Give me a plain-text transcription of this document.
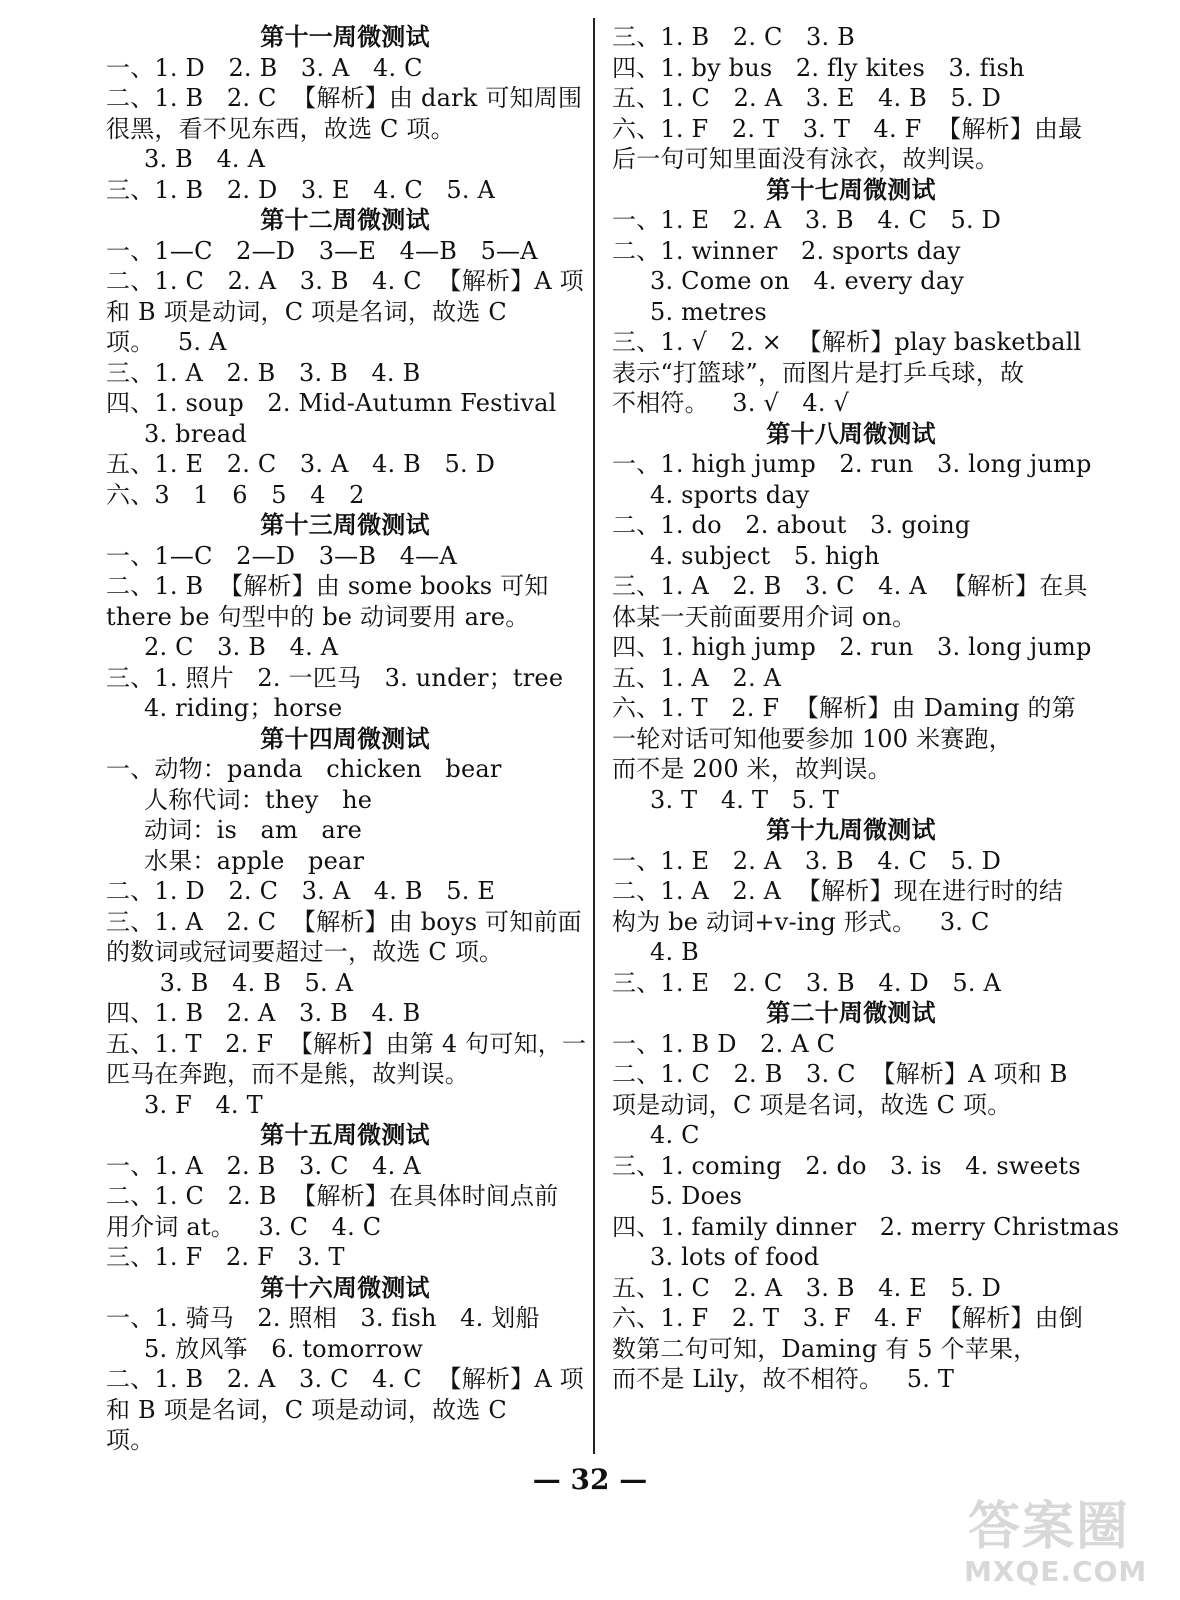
第十一周微测试
一、1. D   2. B   3. A   4. C
二、1. B   2. C  【解析】由 dark 可知周围
很黑，看不见东西，故选 C 项。
3. B   4. A
三、1. B   2. D   3. E   4. C   5. A
第十二周微测试
一、1—C   2—D   3—E   4—B   5—A
二、1. C   2. A   3. B   4. C  【解析】A 项
和 B 项是动词，C 项是名词，故选 C
项。   5. A
三、1. A   2. B   3. B   4. B
四、1. soup   2. Mid-Autumn Festival
3. bread
五、1. E   2. C   3. A   4. B   5. D
六、3   1   6   5   4   2
第十三周微测试
一、1—C   2—D   3—B   4—A
二、1. B  【解析】由 some books 可知
there be 句型中的 be 动词要用 are。
2. C   3. B   4. A
三、1. 照片   2. 一匹马   3. under；tree
4. riding；horse
第十四周微测试
一、动物：panda   chicken   bear
人称代词：they   he
动词：is   am   are
水果：apple   pear
二、1. D   2. C   3. A   4. B   5. E
三、1. A   2. C  【解析】由 boys 可知前面
的数词或冠词要超过一，故选 C 项。
3. B   4. B   5. A
四、1. B   2. A   3. B   4. B
五、1. T   2. F  【解析】由第 4 句可知，一
匹马在奔跑，而不是熊，故判误。
3. F   4. T
第十五周微测试
一、1. A   2. B   3. C   4. A
二、1. C   2. B  【解析】在具体时间点前
用介词 at。   3. C   4. C
三、1. F   2. F   3. T
第十六周微测试
一、1. 骑马   2. 照相   3. fish   4. 划船
5. 放风筝   6. tomorrow
二、1. B   2. A   3. C   4. C  【解析】A 项
和 B 项是名词，C 项是动词，故选 C
项。
三、1. B   2. C   3. B
四、1. by bus   2. fly kites   3. fish
五、1. C   2. A   3. E   4. B   5. D
六、1. F   2. T   3. T   4. F  【解析】由最
后一句可知里面没有泳衣，故判误。
第十七周微测试
一、1. E   2. A   3. B   4. C   5. D
二、1. winner   2. sports day
3. Come on   4. every day
5. metres
三、1. √   2. ×  【解析】play basketball
表示“打篮球”，而图片是打乒乓球，故
不相符。   3. √   4. √
第十八周微测试
一、1. high jump   2. run   3. long jump
4. sports day
二、1. do   2. about   3. going
4. subject   5. high
三、1. A   2. B   3. C   4. A  【解析】在具
体某一天前面要用介词 on。
四、1. high jump   2. run   3. long jump
五、1. A   2. A
六、1. T   2. F  【解析】由 Daming 的第
一轮对话可知他要参加 100 米赛跑，
而不是 200 米，故判误。
3. T   4. T   5. T
第十九周微测试
一、1. E   2. A   3. B   4. C   5. D
二、1. A   2. A  【解析】现在进行时的结
构为 be 动词+v-ing 形式。   3. C
4. B
三、1. E   2. C   3. B   4. D   5. A
第二十周微测试
一、1. B D   2. A C
二、1. C   2. B   3. C  【解析】A 项和 B
项是动词，C 项是名词，故选 C 项。
4. C
三、1. coming   2. do   3. is   4. sweets
5. Does
四、1. family dinner   2. merry Christmas
3. lots of food
五、1. C   2. A   3. B   4. E   5. D
六、1. F   2. T   3. F   4. F  【解析】由倒
数第二句可知，Daming 有 5 个苹果，
而不是 Lily，故不相符。   5. T
— 32 —
答案圈
MXQE.COM
